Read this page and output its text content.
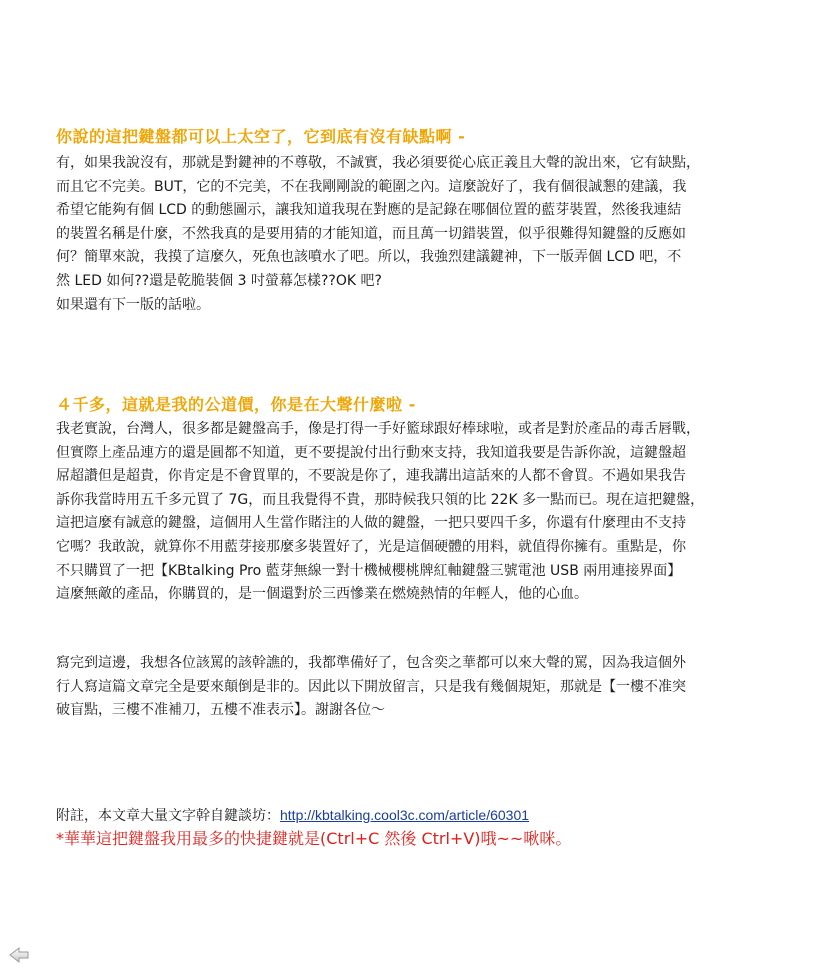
你說的這把鍵盤都可以上太空了，它到底有沒有缺點啊 -
有，如果我說沒有，那就是對鍵神的不尊敬，不誠實，我必須要從心底正義且大聲的說出來，它有缺點，
而且它不完美。BUT，它的不完美，不在我剛剛說的範圍之內。這麼說好了，我有個很誠懇的建議，我
希望它能夠有個 LCD 的動態圖示，讓我知道我現在對應的是記錄在哪個位置的藍芽裝置，然後我連結
的裝置名稱是什麼，不然我真的是要用猜的才能知道，而且萬一切錯裝置，似乎很難得知鍵盤的反應如
何？簡單來說，我摸了這麼久，死魚也該噴水了吧。所以，我強烈建議鍵神，下一版弄個 LCD 吧，不
然 LED 如何??還是乾脆裝個 3 吋螢幕怎樣??OK 吧?
如果還有下一版的話啦。
４千多，這就是我的公道價，你是在大聲什麼啦 -
我老實說，台灣人，很多都是鍵盤高手，像是打得一手好籃球跟好棒球啦，或者是對於產品的毒舌唇戰，
但實際上產品連方的還是圓都不知道，更不要提說付出行動來支持，我知道我要是告訴你說，這鍵盤超
屌超讚但是超貴，你肯定是不會買單的，不要說是你了，連我講出這話來的人都不會買。不過如果我告
訴你我當時用五千多元買了 7G，而且我覺得不貴，那時候我只領的比 22K 多一點而已。現在這把鍵盤，
這把這麼有誠意的鍵盤，這個用人生當作賭注的人做的鍵盤，一把只要四千多，你還有什麼理由不支持
它嗎？我敢說，就算你不用藍芽接那麼多裝置好了，光是這個硬體的用料，就值得你擁有。重點是，你
不只購買了一把【KBtalking Pro 藍芽無線一對十機械櫻桃牌紅軸鍵盤三號電池 USB 兩用連接界面】
這麼無敵的產品，你購買的，是一個還對於三西慘業在燃燒熱情的年輕人，他的心血。
寫完到這邊，我想各位該罵的該幹譙的，我都準備好了，包含奕之華都可以來大聲的罵，因為我這個外
行人寫這篇文章完全是要來顛倒是非的。因此以下開放留言，只是我有幾個規矩，那就是【一樓不准突
破盲點，三樓不准補刀，五樓不准表示】。謝謝各位～
附註，本文章大量文字幹自鍵談坊：http://kbtalking.cool3c.com/article/60301
*華華這把鍵盤我用最多的快捷鍵就是(Ctrl+C 然後 Ctrl+V)哦~~啾咪。
